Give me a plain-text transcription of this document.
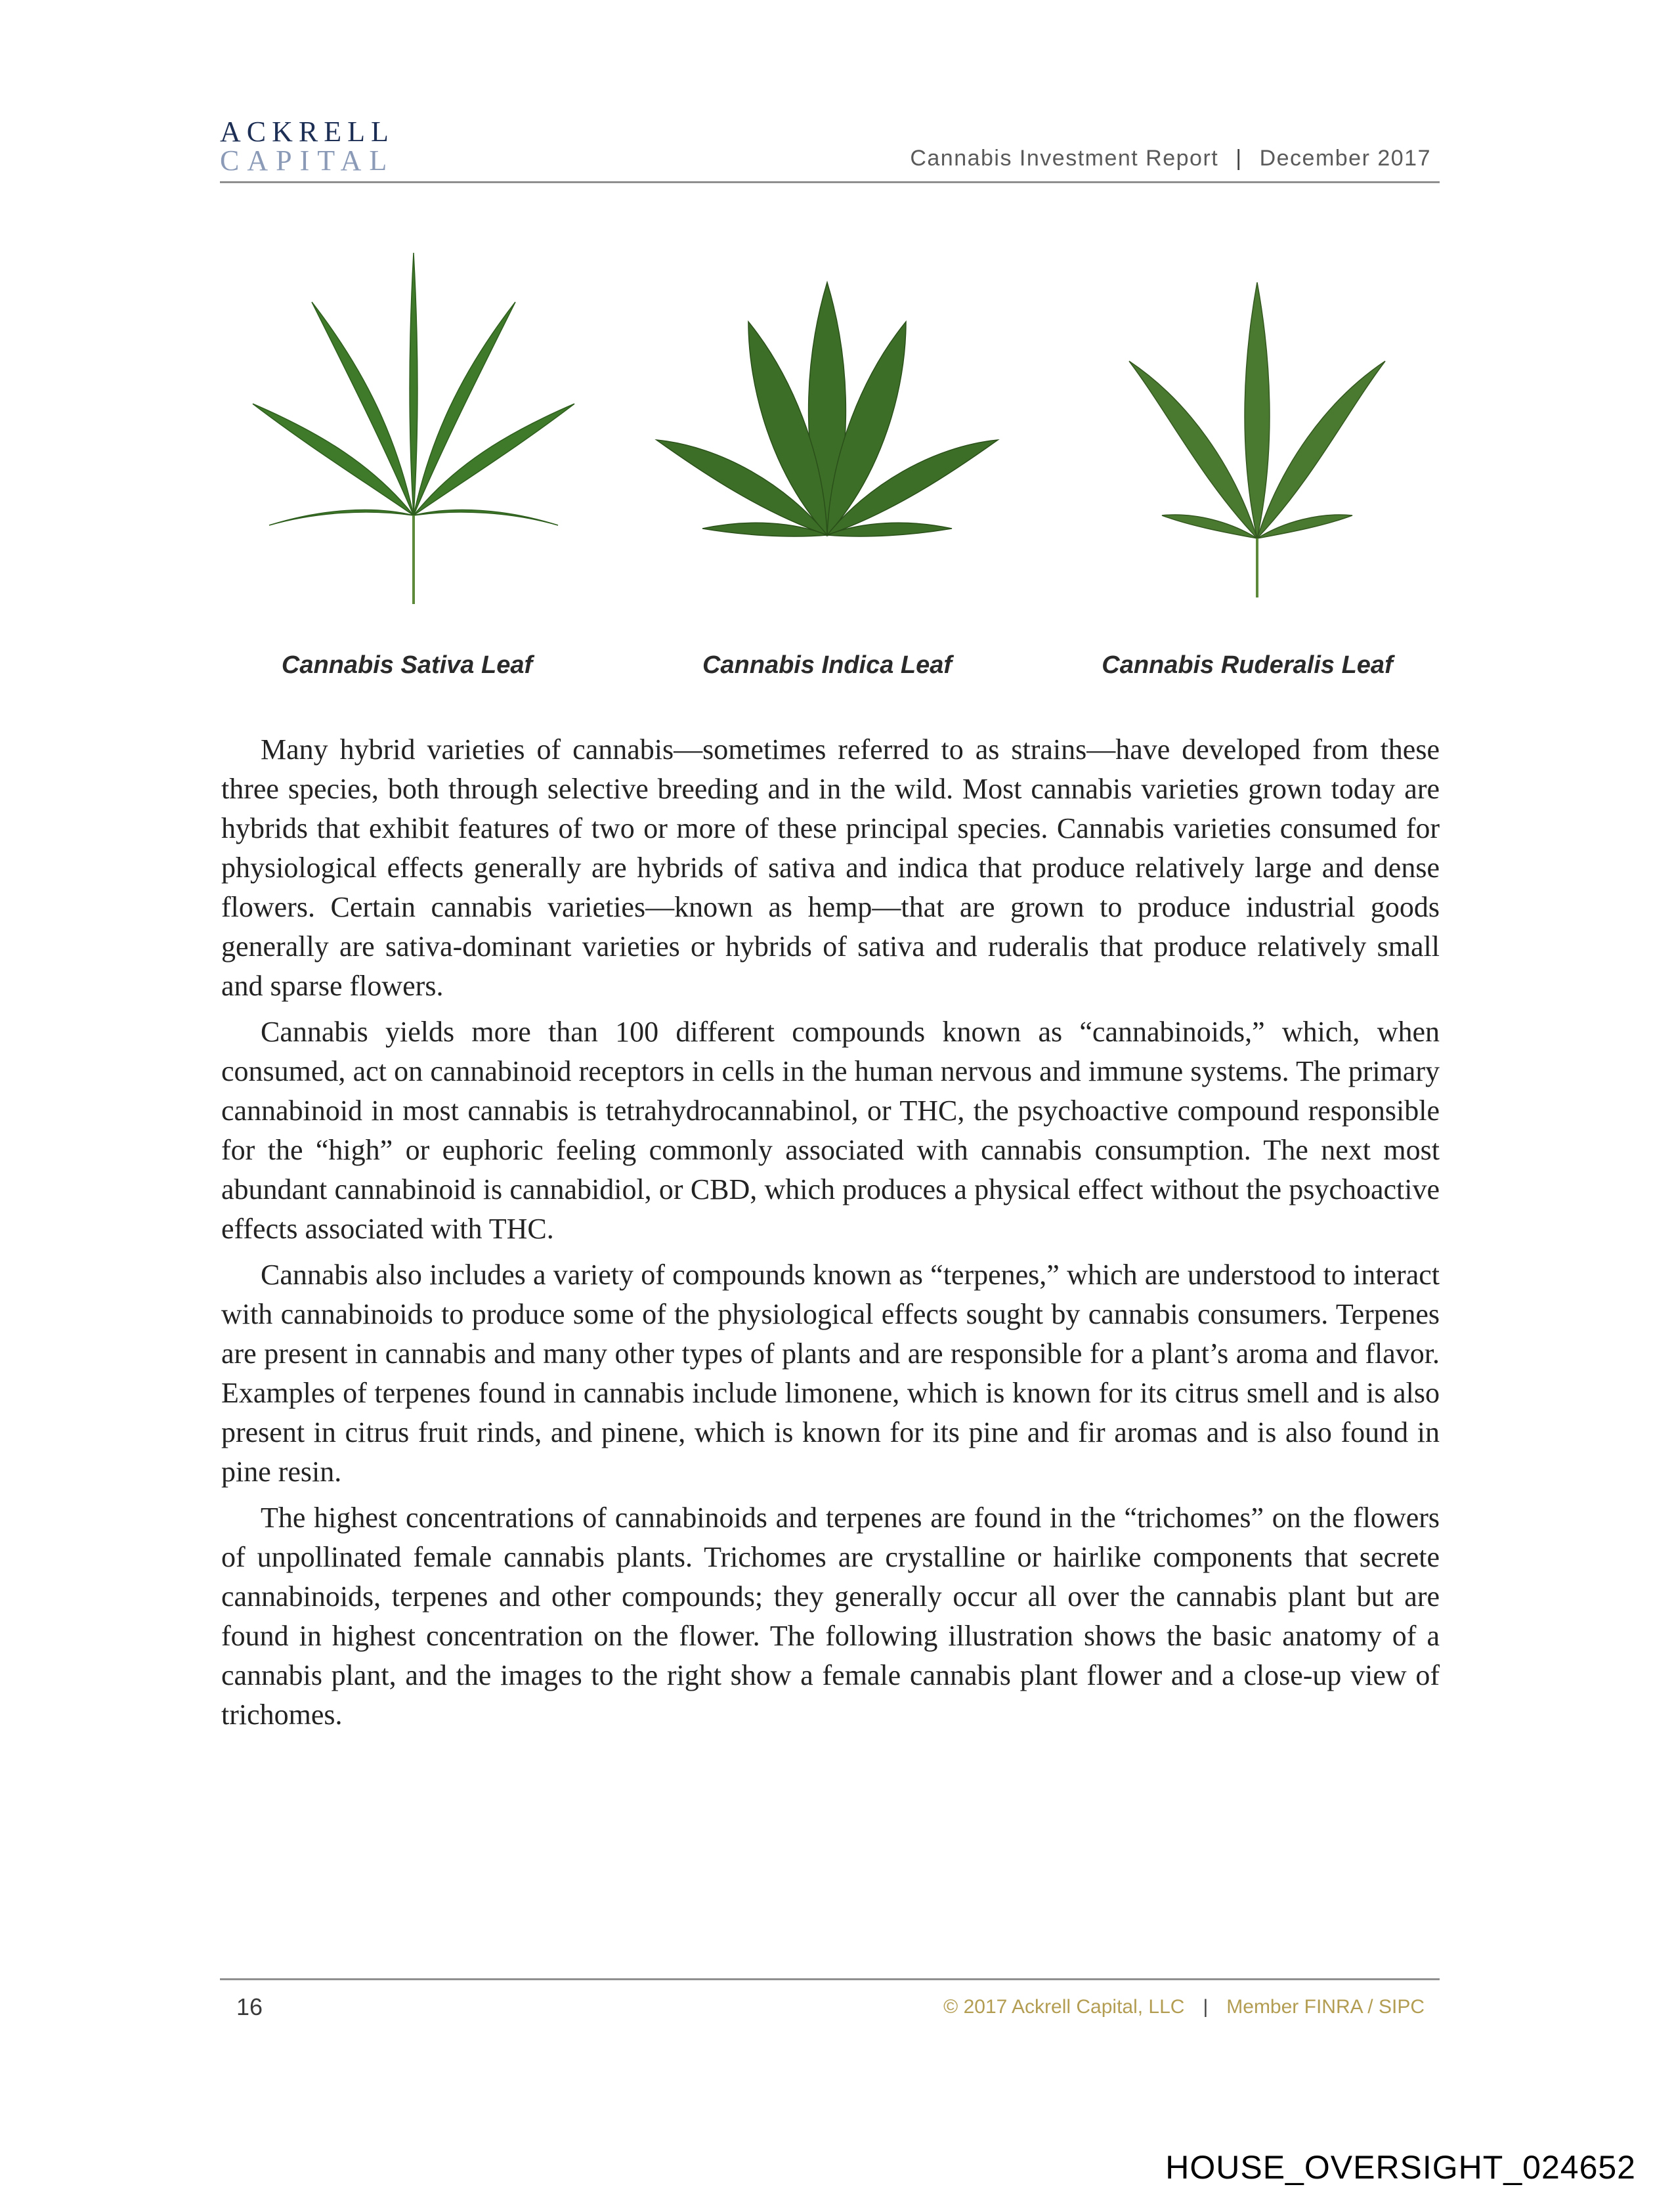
ACKRELL
CAPITAL	Cannabis Investment Report | December 2017
Cannabis Sativa Leaf	Cannabis Indica Leaf	Cannabis Ruderalis Leaf

Many hybrid varieties of cannabis—sometimes referred to as strains—have developed from these three species, both through selective breeding and in the wild. Most cannabis varieties grown today are hybrids that exhibit features of two or more of these principal species. Cannabis varieties consumed for physiological effects generally are hybrids of sativa and indica that produce relatively large and dense flowers. Certain cannabis varieties—known as hemp—that are grown to produce industrial goods generally are sativa-dominant varieties or hybrids of sativa and ruderalis that produce relatively small and sparse flowers.

Cannabis yields more than 100 different compounds known as “cannabinoids,” which, when consumed, act on cannabinoid receptors in cells in the human nervous and immune systems. The primary cannabinoid in most cannabis is tetrahydrocannabinol, or THC, the psychoactive compound responsible for the “high” or euphoric feeling commonly associated with cannabis consumption. The next most abundant cannabinoid is cannabidiol, or CBD, which produces a physical effect without the psychoactive effects associated with THC.

Cannabis also includes a variety of compounds known as “terpenes,” which are understood to interact with cannabinoids to produce some of the physiological effects sought by cannabis consumers. Terpenes are present in cannabis and many other types of plants and are responsible for a plant’s aroma and flavor. Examples of terpenes found in cannabis include limonene, which is known for its citrus smell and is also present in citrus fruit rinds, and pinene, which is known for its pine and fir aromas and is also found in pine resin.

The highest concentrations of cannabinoids and terpenes are found in the “trichomes” on the flowers of unpollinated female cannabis plants. Trichomes are crystalline or hairlike components that secrete cannabinoids, terpenes and other compounds; they generally occur all over the cannabis plant but are found in highest concentration on the flower. The following illustration shows the basic anatomy of a cannabis plant, and the images to the right show a female cannabis plant flower and a close-up view of trichomes.

16	© 2017 Ackrell Capital, LLC | Member FINRA / SIPC
HOUSE_OVERSIGHT_024652
